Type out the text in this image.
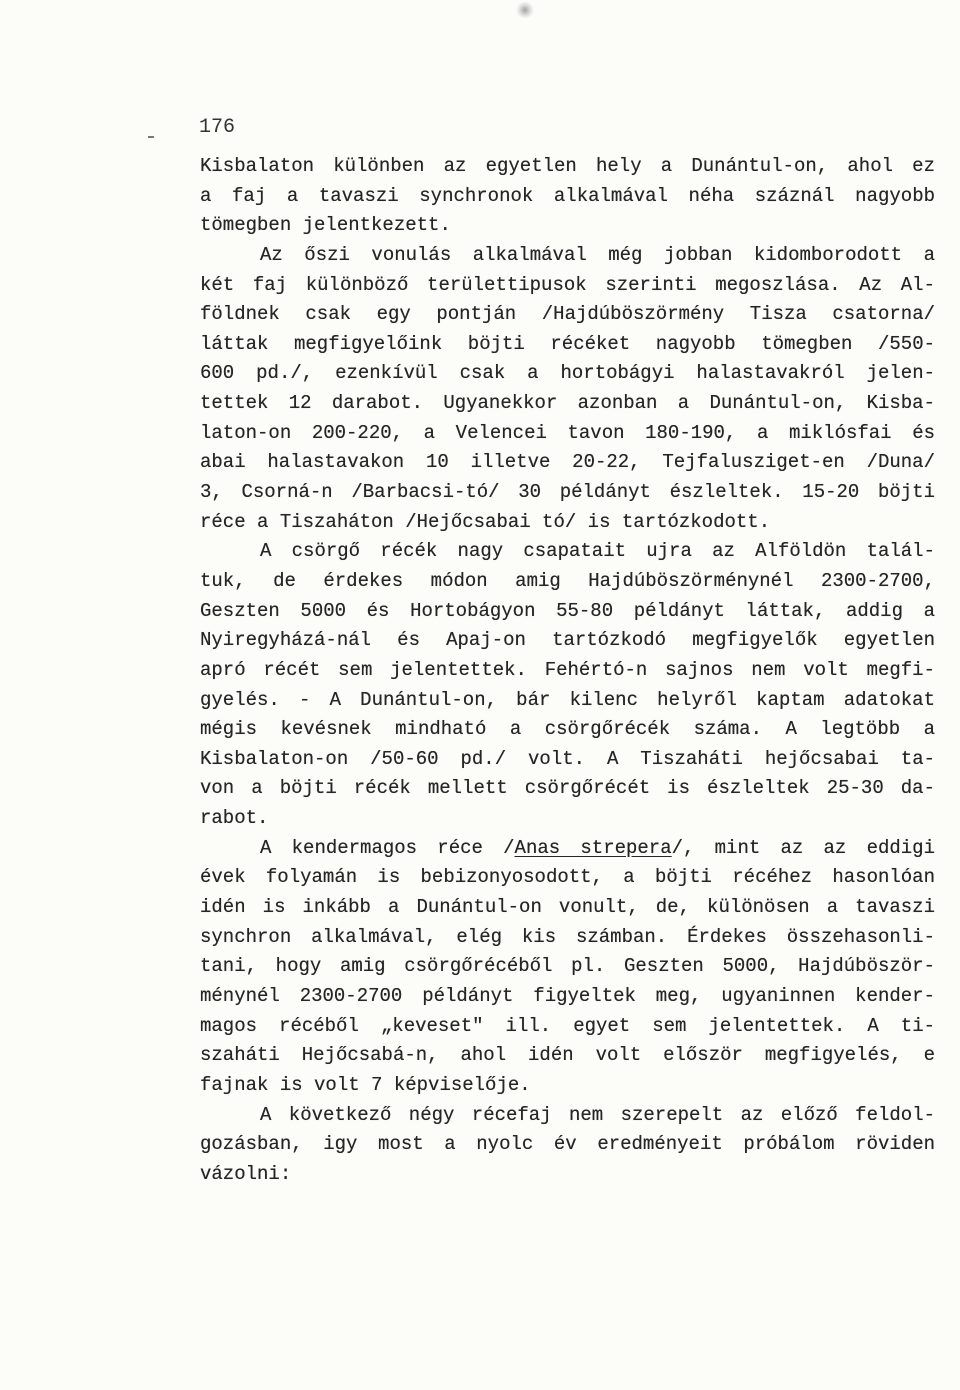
176
Kisbalaton különben az egyetlen hely a Dunántul-on, ahol ez
a faj a tavaszi synchronok alkalmával néha száznál nagyobb
tömegben jelentkezett.
Az őszi vonulás alkalmával még jobban kidomborodott a
két faj különböző területtipusok szerinti megoszlása. Az Al-
földnek csak egy pontján /Hajdúböszörmény Tisza csatorna/
láttak megfigyelőink böjti récéket nagyobb tömegben /550-
600 pd./, ezenkívül csak a hortobágyi halastavakról jelen-
tettek 12 darabot. Ugyanekkor azonban a Dunántul-on, Kisba-
laton-on 200-220, a Velencei tavon 180-190, a miklósfai és
abai halastavakon 10 illetve 20-22, Tejfalusziget-en /Duna/
3, Csorná-n /Barbacsi-tó/ 30 példányt észleltek. 15-20 böjti
réce a Tiszaháton /Hejőcsabai tó/ is tartózkodott.
A csörgő récék nagy csapatait ujra az Alföldön talál-
tuk, de érdekes módon amig Hajdúböszörménynél 2300-2700,
Geszten 5000 és Hortobágyon 55-80 példányt láttak, addig a
Nyiregyházá-nál és Apaj-on tartózkodó megfigyelők egyetlen
apró récét sem jelentettek. Fehértó-n sajnos nem volt megfi-
gyelés. - A Dunántul-on, bár kilenc helyről kaptam adatokat
mégis kevésnek mindható a csörgőrécék száma. A legtöbb a
Kisbalaton-on /50-60 pd./ volt. A Tiszaháti hejőcsabai ta-
von a böjti récék mellett csörgőrécét is észleltek 25-30 da-
rabot.
A kendermagos réce /Anas strepera/, mint az az eddigi
évek folyamán is bebizonyosodott, a böjti récéhez hasonlóan
idén is inkább a Dunántul-on vonult, de, különösen a tavaszi
synchron alkalmával, elég kis számban. Érdekes összehasonli-
tani, hogy amig csörgőrécéből pl. Geszten 5000, Hajdúböször-
ménynél 2300-2700 példányt figyeltek meg, ugyaninnen kender-
magos récéből „keveset" ill. egyet sem jelentettek. A ti-
szaháti Hejőcsabá-n, ahol idén volt először megfigyelés, e
fajnak is volt 7 képviselője.
A következő négy récefaj nem szerepelt az előző feldol-
gozásban, igy most a nyolc év eredményeit próbálom röviden
vázolni:
